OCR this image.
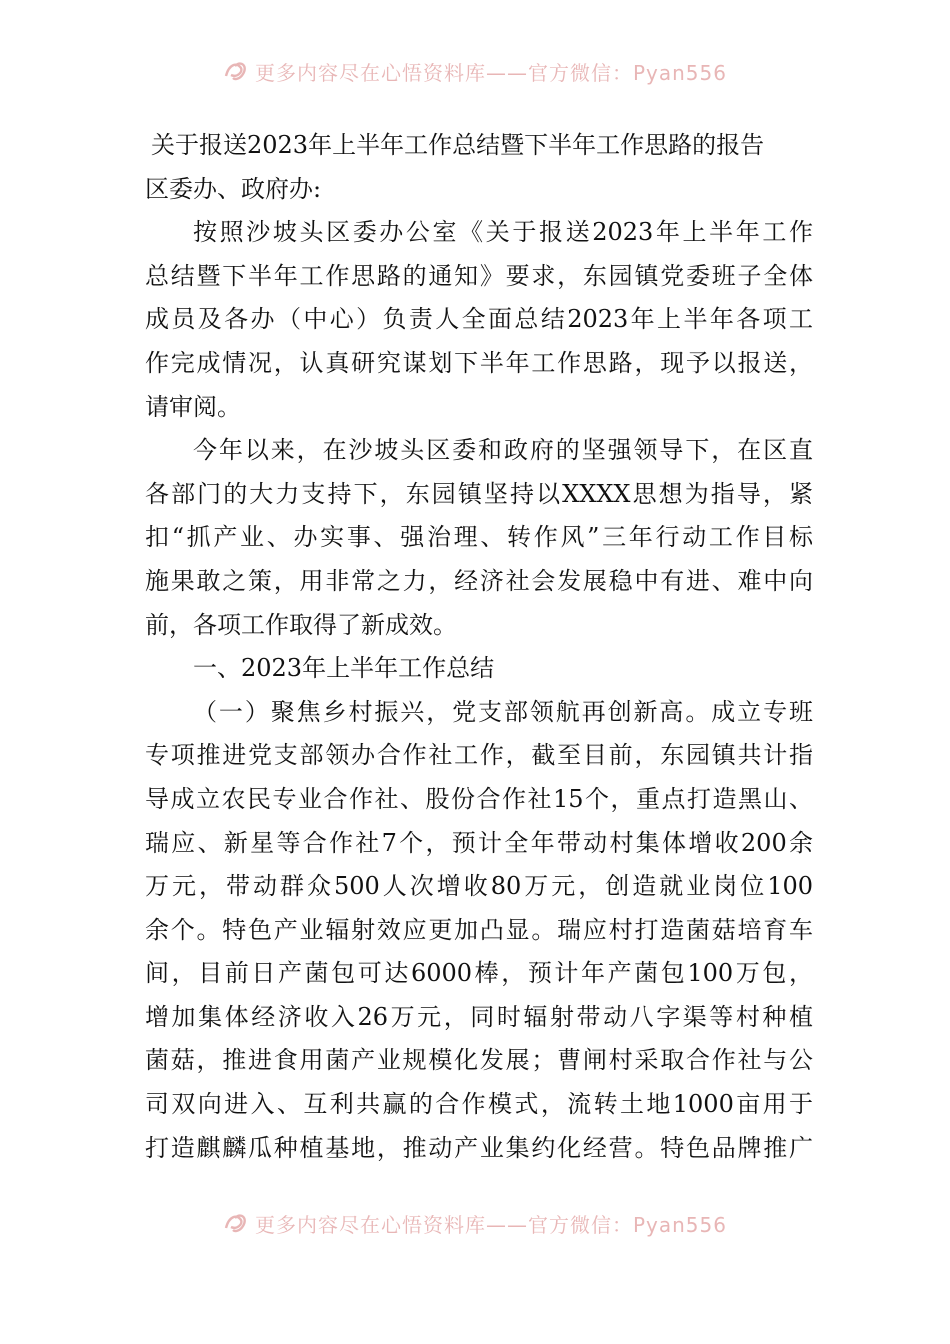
更多内容尽在心悟资料库——官方微信：Pyan556
关于报送2023年上半年工作总结暨下半年工作思路的报告
区委办、政府办:
按照沙坡头区委办公室《关于报送2023年上半年工作
总结暨下半年工作思路的通知》要求，东园镇党委班子全体
成员及各办（中心）负责人全面总结2023年上半年各项工
作完成情况，认真研究谋划下半年工作思路，现予以报送，
请审阅。
今年以来，在沙坡头区委和政府的坚强领导下，在区直
各部门的大力支持下，东园镇坚持以XXXX思想为指导，紧
扣“抓产业、办实事、强治理、转作风”三年行动工作目标
施果敢之策，用非常之力，经济社会发展稳中有进、难中向
前，各项工作取得了新成效。
一、2023年上半年工作总结
（一）聚焦乡村振兴，党支部领航再创新高。成立专班
专项推进党支部领办合作社工作，截至目前，东园镇共计指
导成立农民专业合作社、股份合作社15个，重点打造黑山、
瑞应、新星等合作社7个，预计全年带动村集体增收200余
万元，带动群众500人次增收80万元，创造就业岗位100
余个。特色产业辐射效应更加凸显。瑞应村打造菌菇培育车
间，目前日产菌包可达6000棒，预计年产菌包100万包，
增加集体经济收入26万元，同时辐射带动八字渠等村种植
菌菇，推进食用菌产业规模化发展；曹闸村采取合作社与公
司双向进入、互利共赢的合作模式，流转土地1000亩用于
打造麒麟瓜种植基地，推动产业集约化经营。特色品牌推广
更多内容尽在心悟资料库——官方微信：Pyan556
